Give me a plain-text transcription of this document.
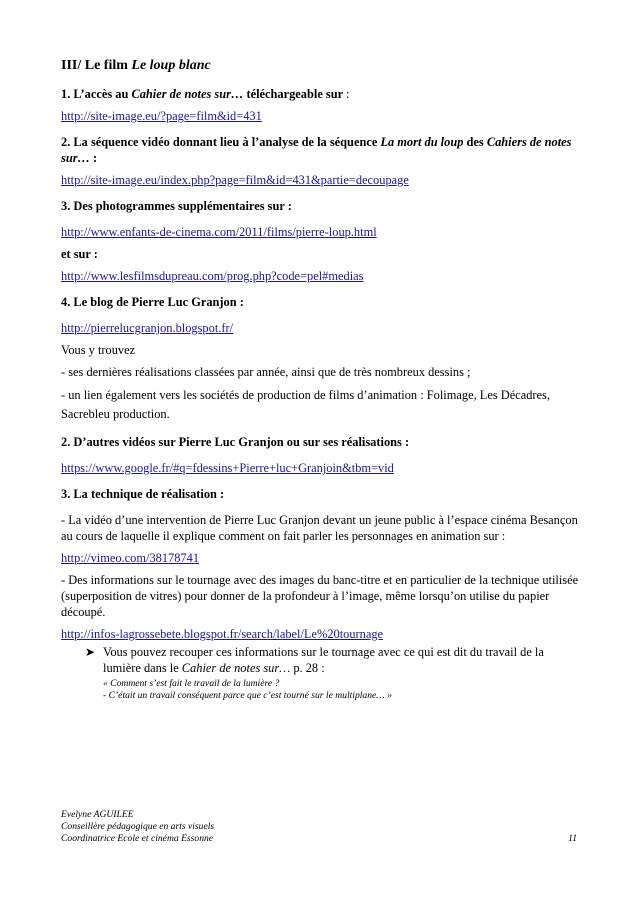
III/ Le film Le loup blanc

1. L’accès au Cahier de notes sur… téléchargeable sur :

http://site-image.eu/?page=film&id=431

2. La séquence vidéo donnant lieu à l’analyse de la séquence La mort du loup des Cahiers de notes sur… :

http://site-image.eu/index.php?page=film&id=431&partie=decoupage

3. Des photogrammes supplémentaires sur :

http://www.enfants-de-cinema.com/2011/films/pierre-loup.html

et sur :

http://www.lesfilmsdupreau.com/prog.php?code=pel#medias

4. Le blog de Pierre Luc Granjon :

http://pierrelucgranjon.blogspot.fr/

Vous y trouvez

- ses dernières réalisations classées par année, ainsi que de très nombreux dessins ;

- un lien également vers les sociétés de production de films d’animation : Folimage, Les Décadres, Sacrebleu production.

2. D’autres vidéos sur Pierre Luc Granjon ou sur ses réalisations :

https://www.google.fr/#q=fdessins+Pierre+luc+Granjoin&tbm=vid

3. La technique de réalisation :

- La vidéo d’une intervention de Pierre Luc Granjon devant un jeune public à l’espace cinéma Besançon au cours de laquelle il explique comment on fait parler les personnages en animation sur :

http://vimeo.com/38178741

- Des informations sur le tournage avec des images du banc-titre et en particulier de la technique utilisée (superposition de vitres) pour donner de la profondeur à l’image, même lorsqu’on utilise du papier découpé.

http://infos-lagrossebete.blogspot.fr/search/label/Le%20tournage

➤ Vous pouvez recouper ces informations sur le tournage avec ce qui est dit du travail de la lumière dans le Cahier de notes sur… p. 28 :
« Comment s’est fait le travail de la lumière ?
- C’était un travail conséquent parce que c’est tourné sur le multiplane… »
Evelyne AGUILEE
Conseillère pédagogique en arts visuels
Coordinatrice Ecole et cinéma Essonne	11
